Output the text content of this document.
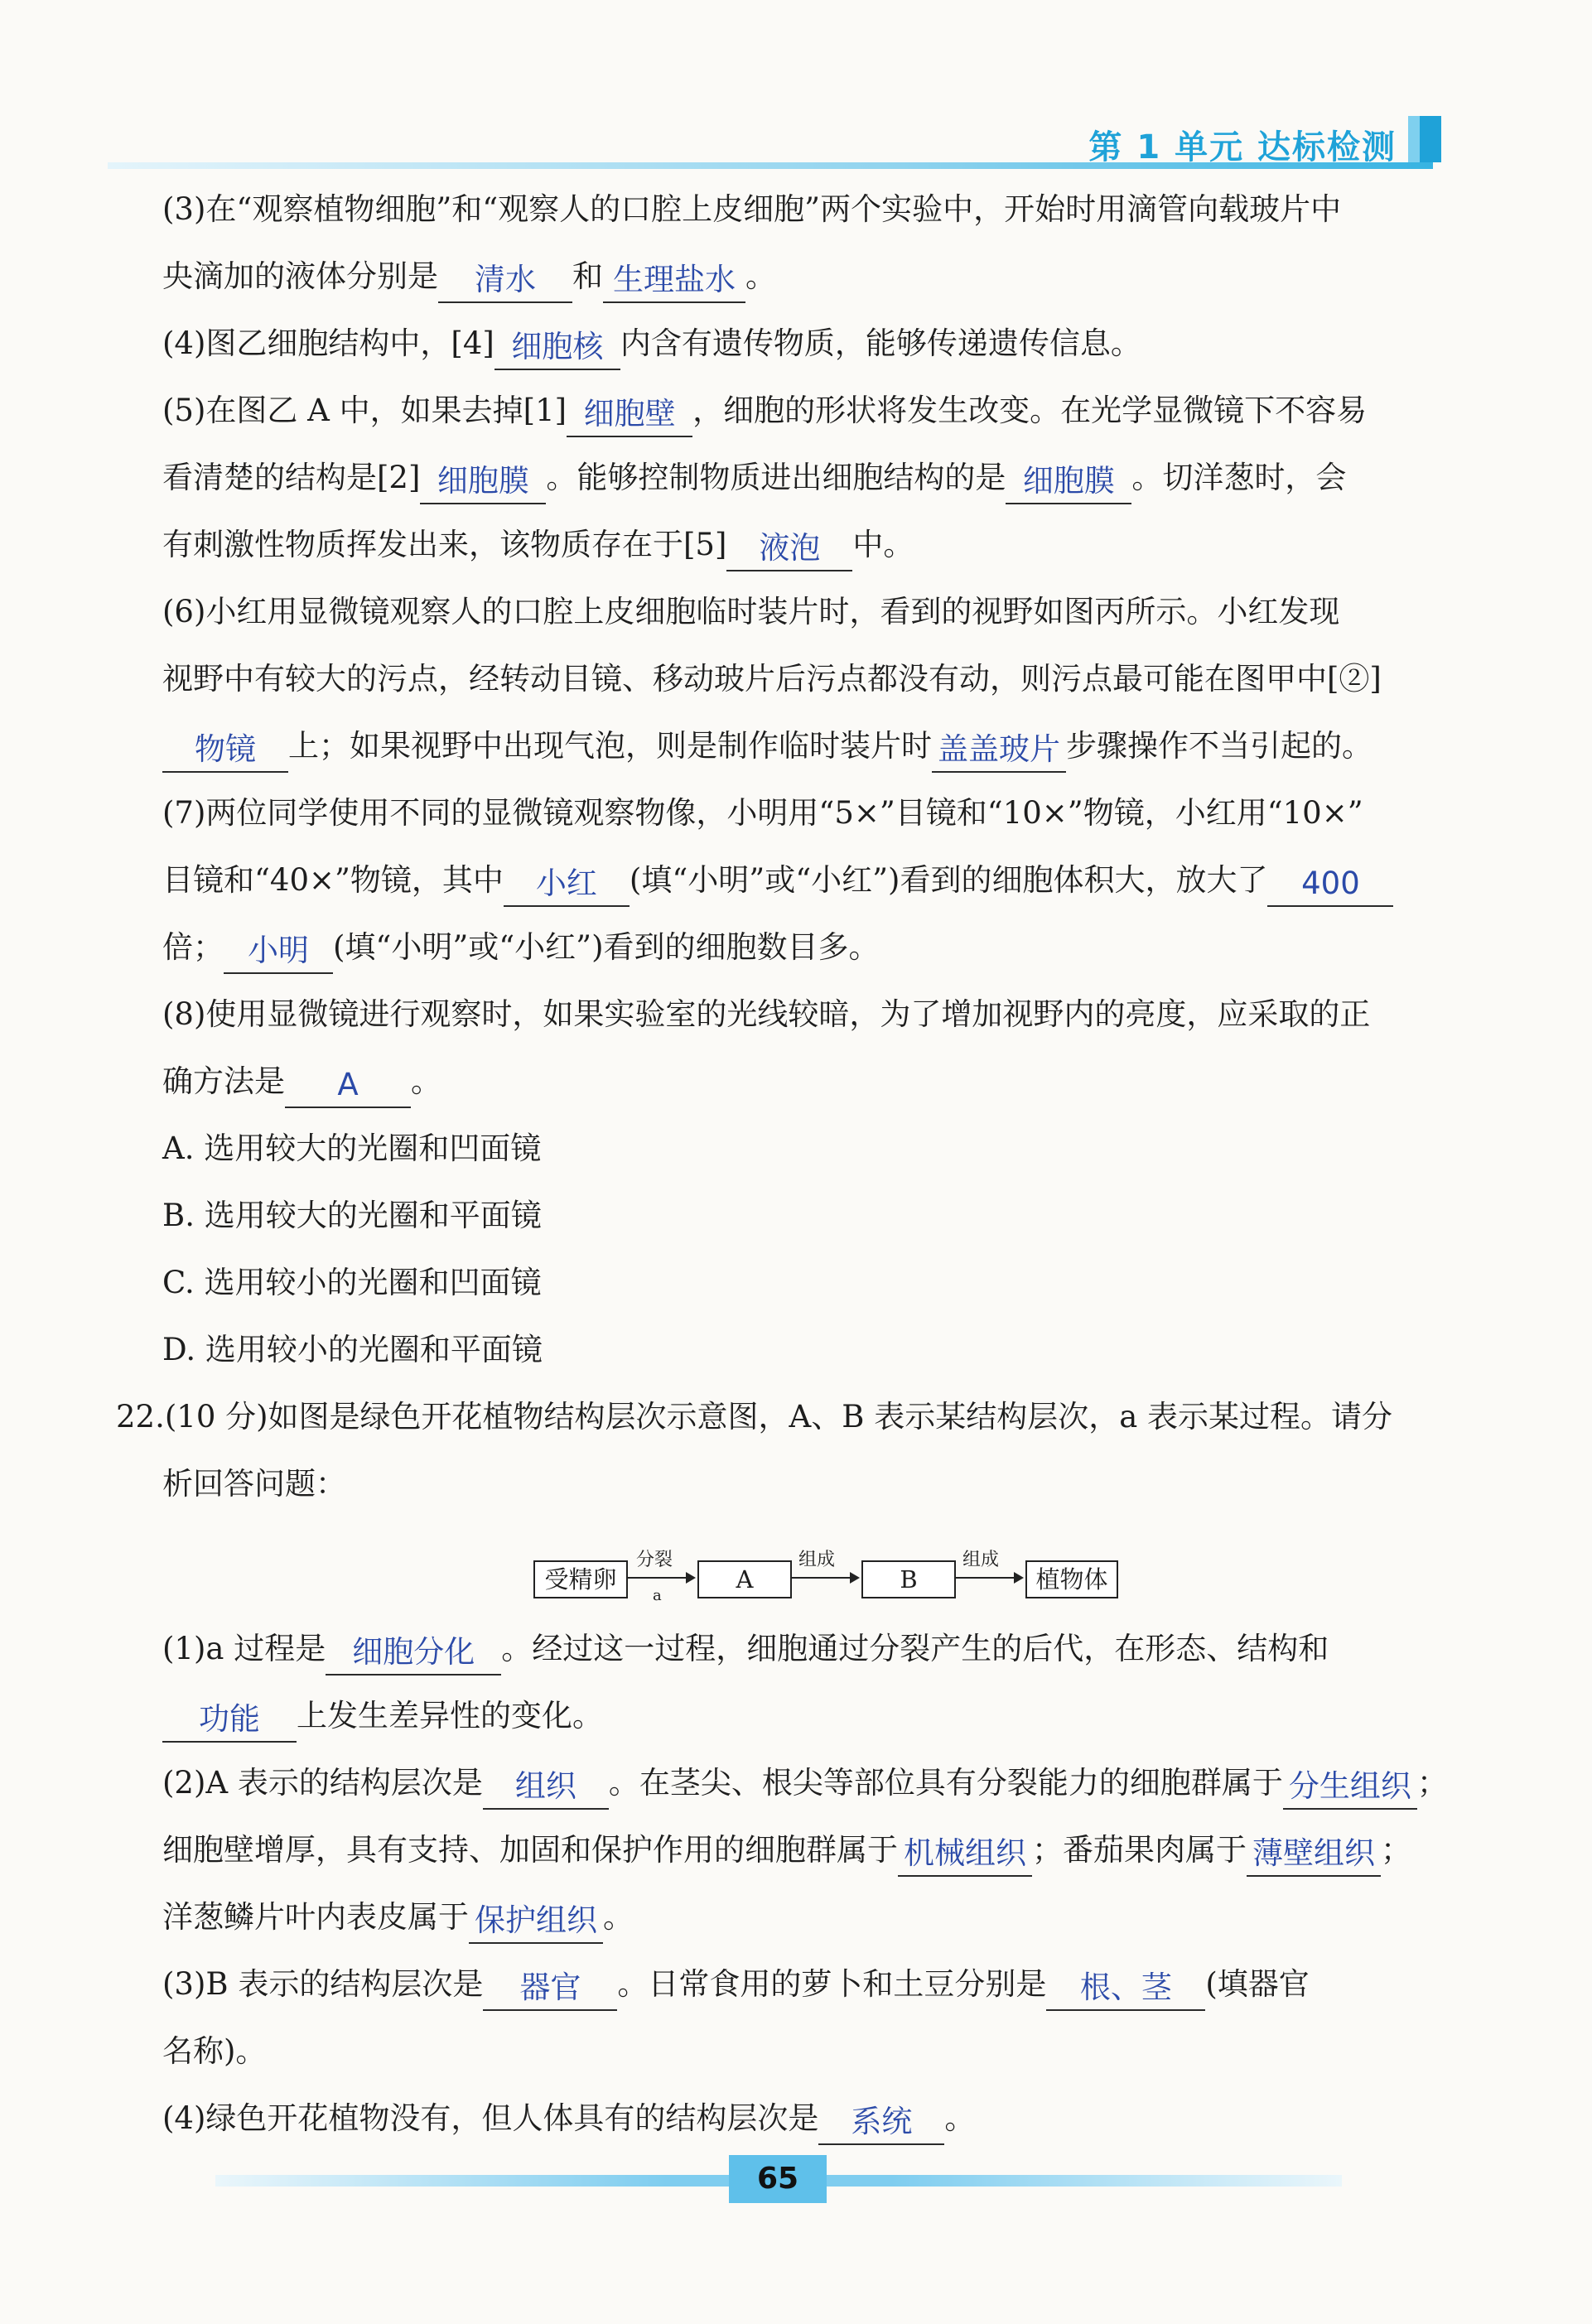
第 1 单元 达标检测
(3)在“观察植物细胞”和“观察人的口腔上皮细胞”两个实验中，开始时用滴管向载玻片中
央滴加的液体分别是 清水 和 生理盐水 。
(4)图乙细胞结构中，[4] 细胞核 内含有遗传物质，能够传递遗传信息。
(5)在图乙 A 中，如果去掉[1] 细胞壁 ，细胞的形状将发生改变。在光学显微镜下不容易
看清楚的结构是[2] 细胞膜 。能够控制物质进出细胞结构的是 细胞膜 。切洋葱时，会
有刺激性物质挥发出来，该物质存在于[5] 液泡 中。
(6)小红用显微镜观察人的口腔上皮细胞临时装片时，看到的视野如图丙所示。小红发现
视野中有较大的污点，经转动目镜、移动玻片后污点都没有动，则污点最可能在图甲中[②]
物镜 上；如果视野中出现气泡，则是制作临时装片时 盖盖玻片 步骤操作不当引起的。
(7)两位同学使用不同的显微镜观察物像，小明用“5×”目镜和“10×”物镜，小红用“10×”
目镜和“40×”物镜，其中 小红 (填“小明”或“小红”)看到的细胞体积大，放大了 400
倍； 小明 (填“小明”或“小红”)看到的细胞数目多。
(8)使用显微镜进行观察时，如果实验室的光线较暗，为了增加视野内的亮度，应采取的正
确方法是 A 。
A. 选用较大的光圈和凹面镜
B. 选用较大的光圈和平面镜
C. 选用较小的光圈和凹面镜
D. 选用较小的光圈和平面镜
22.(10 分)如图是绿色开花植物结构层次示意图，A、B 表示某结构层次，a 表示某过程。请分
析回答问题：
受精卵
分裂
a
A
组成
B
组成
植物体
(1)a 过程是 细胞分化 。经过这一过程，细胞通过分裂产生的后代，在形态、结构和
功能 上发生差异性的变化。
(2)A 表示的结构层次是 组织 。在茎尖、根尖等部位具有分裂能力的细胞群属于 分生组织 ；
细胞壁增厚，具有支持、加固和保护作用的细胞群属于 机械组织 ；番茄果肉属于 薄壁组织 ；
洋葱鳞片叶内表皮属于 保护组织 。
(3)B 表示的结构层次是 器官 。日常食用的萝卜和土豆分别是 根、茎 (填器官
名称)。
(4)绿色开花植物没有，但人体具有的结构层次是 系统 。
65
